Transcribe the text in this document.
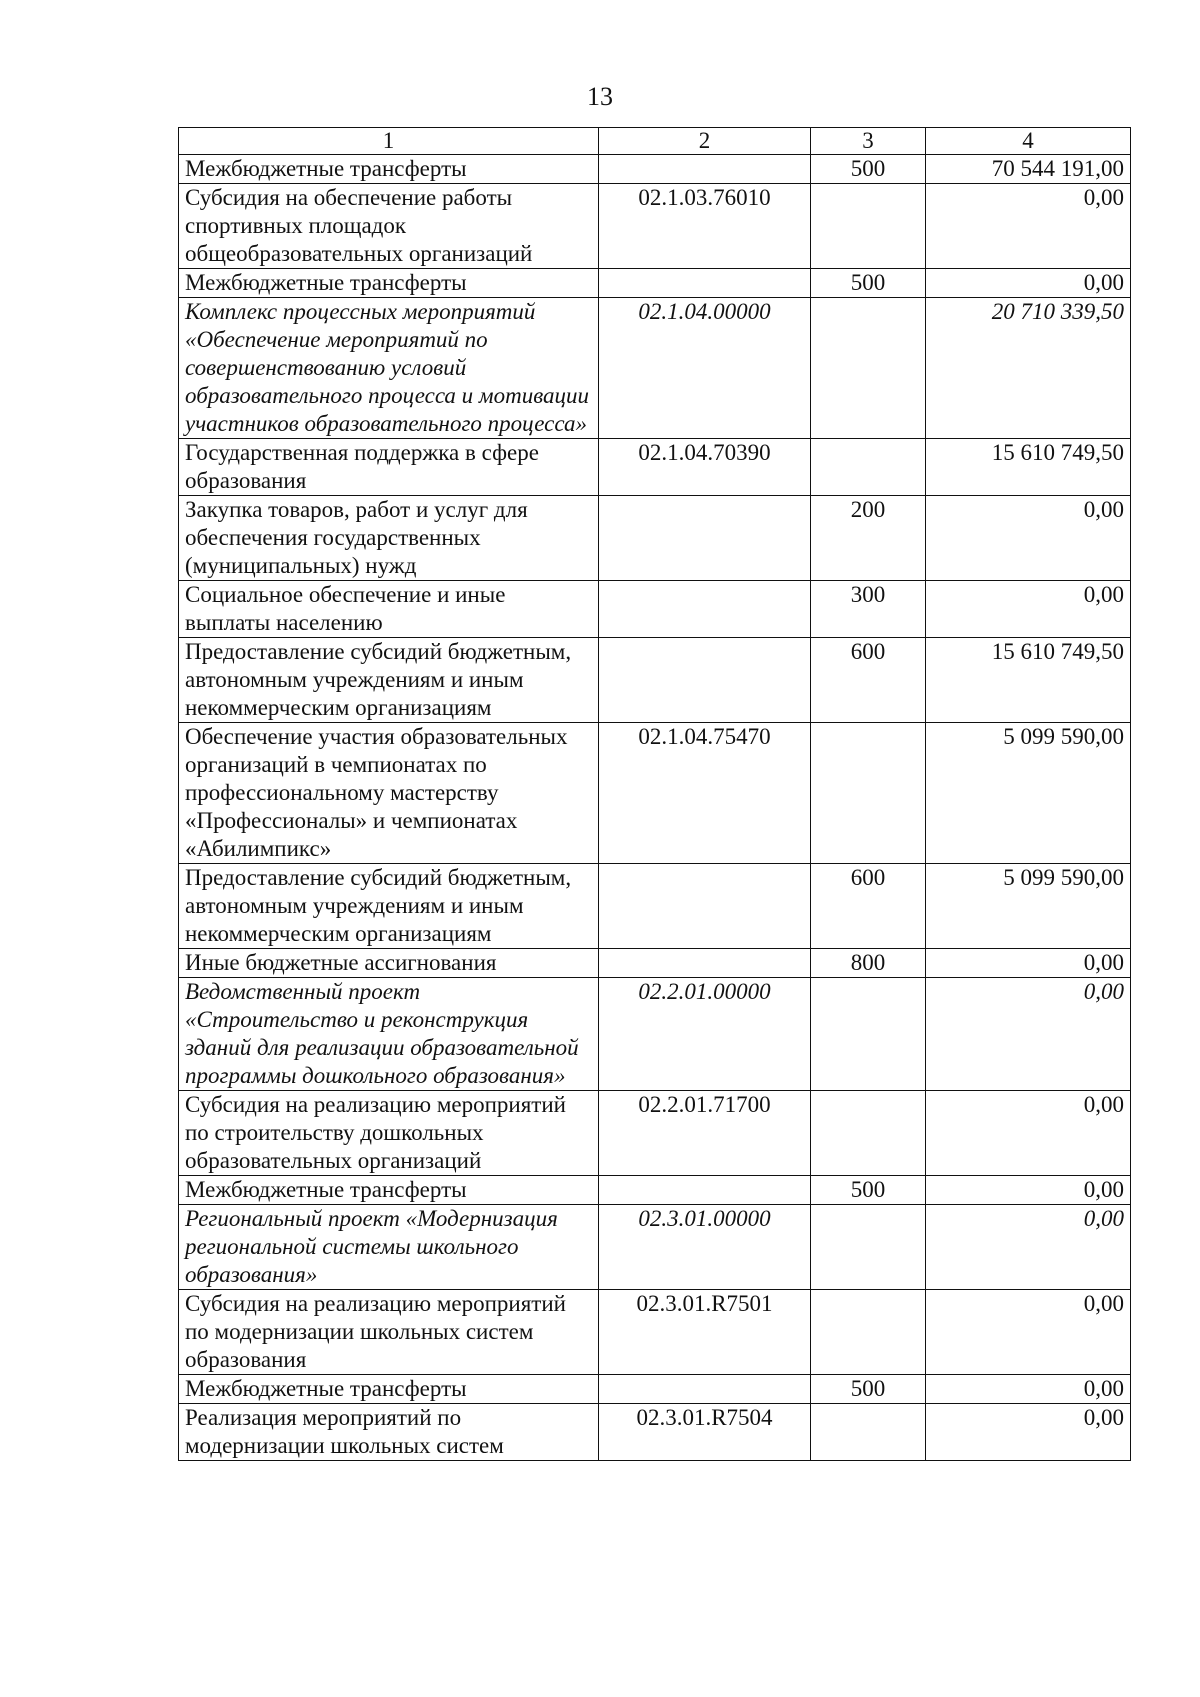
13
1	2	3	4
Межбюджетные трансферты		500	70 544 191,00
Субсидия на обеспечение работы спортивных площадок общеобразовательных организаций	02.1.03.76010		0,00
Межбюджетные трансферты		500	0,00
Комплекс процессных мероприятий «Обеспечение мероприятий по совершенствованию условий образовательного процесса и мотивации участников образовательного процесса»	02.1.04.00000		20 710 339,50
Государственная поддержка в сфере образования	02.1.04.70390		15 610 749,50
Закупка товаров, работ и услуг для обеспечения государственных (муниципальных) нужд		200	0,00
Социальное обеспечение и иные выплаты населению		300	0,00
Предоставление субсидий бюджетным, автономным учреждениям и иным некоммерческим организациям		600	15 610 749,50
Обеспечение участия образовательных организаций в чемпионатах по профессиональному мастерству «Профессионалы» и чемпионатах «Абилимпикс»	02.1.04.75470		5 099 590,00
Предоставление субсидий бюджетным, автономным учреждениям и иным некоммерческим организациям		600	5 099 590,00
Иные бюджетные ассигнования		800	0,00
Ведомственный проект «Строительство и реконструкция зданий для реализации образовательной программы дошкольного образования»	02.2.01.00000		0,00
Субсидия на реализацию мероприятий по строительству дошкольных образовательных организаций	02.2.01.71700		0,00
Межбюджетные трансферты		500	0,00
Региональный проект «Модернизация региональной системы школьного образования»	02.3.01.00000		0,00
Субсидия на реализацию мероприятий по модернизации школьных систем образования	02.3.01.R7501		0,00
Межбюджетные трансферты		500	0,00
Реализация мероприятий по модернизации школьных систем	02.3.01.R7504		0,00
